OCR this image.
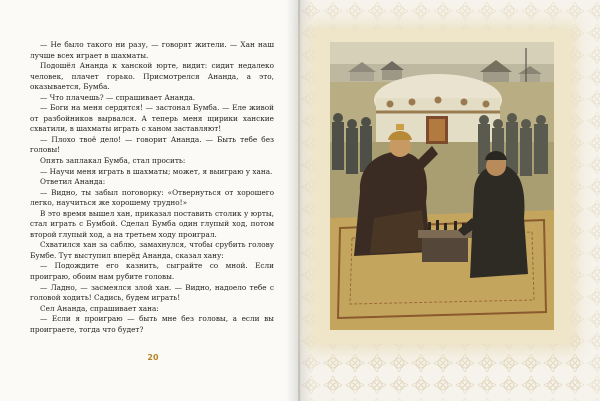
— Не было такого ни разу, — говорят жители. — Хан наш лучше всех играет в шахматы.

Подошёл Ананда к ханской юрте, видит: сидит недалеко человек, плачет горько. Присмотрелся Ананда, а это, оказывается, Бумба.

— Что плачешь? — спрашивает Ананда.

— Боги на меня сердятся! — застонал Бумба. — Еле живой от разбойников вырвался. А теперь меня щирики ханские схватили, в шахматы играть с ханом заставляют!

— Плохо твоё дело! — говорит Ананда. — Быть тебе без головы!

Опять заплакал Бумба, стал просить:

— Научи меня играть в шахматы; может, я выиграю у хана.

Ответил Ананда:

— Видно, ты забыл поговорку: «Отвернуться от хорошего легко, научиться же хорошему трудно!»

В это время вышел хан, приказал поставить столик у юрты, стал играть с Бумбой. Сделал Бумба один глупый ход, потом второй глупый ход, а на третьем ходу проиграл.

Схватился хан за саблю, замахнулся, чтобы срубить голову Бумбе. Тут выступил вперёд Ананда, сказал хану:

— Подождите его казнить, сыграйте со мной. Если проиграю, обоим нам рубите головы.

— Ладно, — засмеялся злой хан. — Видно, надоело тебе с головой ходить! Садись, будем играть!

Сел Ананда, спрашивает хана:

— Если я проиграю — быть мне без головы, а если вы проиграете, тогда что будет?

20
